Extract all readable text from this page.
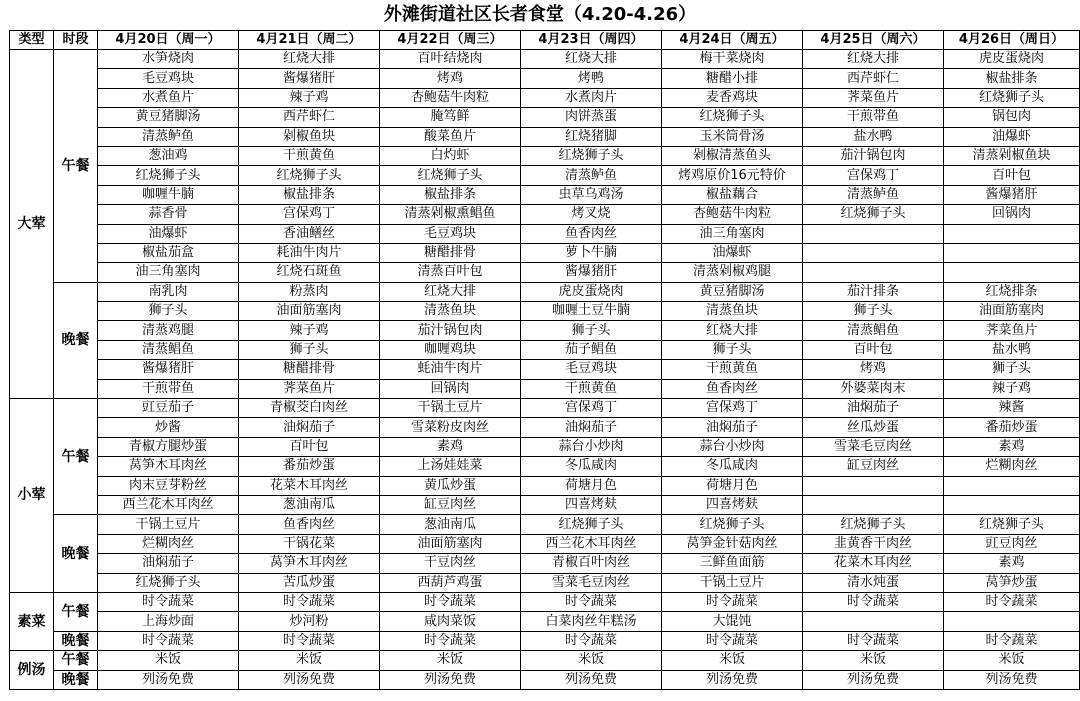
外滩街道社区长者食堂（4.20-4.26）
类型	时段	4月20日（周一）	4月21日（周二）	4月22日（周三）	4月23日（周四）	4月24日（周五）	4月25日（周六）	4月26日（周日）
大荤	午餐	水笋烧肉	红烧大排	百叶结烧肉	红烧大排	梅干菜烧肉	红烧大排	虎皮蛋烧肉
		毛豆鸡块	酱爆猪肝	烤鸡	烤鸭	糖醋小排	西芹虾仁	椒盐排条
		水煮鱼片	辣子鸡	杏鲍菇牛肉粒	水煮肉片	麦香鸡块	荠菜鱼片	红烧狮子头
		黄豆猪脚汤	西芹虾仁	腌笃鲜	肉饼蒸蛋	红烧狮子头	干煎带鱼	锅包肉
		清蒸鲈鱼	剁椒鱼块	酸菜鱼片	红烧猪脚	玉米筒骨汤	盐水鸭	油爆虾
		葱油鸡	干煎黄鱼	白灼虾	红烧狮子头	剁椒清蒸鱼头	茄汁锅包肉	清蒸剁椒鱼块
		红烧狮子头	红烧狮子头	红烧狮子头	清蒸鲈鱼	烤鸡原价16元特价	宫保鸡丁	百叶包
		咖喱牛腩	椒盐排条	椒盐排条	虫草乌鸡汤	椒盐藕合	清蒸鲈鱼	酱爆猪肝
		蒜香骨	宫保鸡丁	清蒸剁椒熏鲳鱼	烤叉烧	杏鲍菇牛肉粒	红烧狮子头	回锅肉
		油爆虾	香油鳝丝	毛豆鸡块	鱼香肉丝	油三角塞肉		
		椒盐茄盒	耗油牛肉片	糖醋排骨	萝卜牛腩	油爆虾		
		油三角塞肉	红烧石斑鱼	清蒸百叶包	酱爆猪肝	清蒸剁椒鸡腿		
	晚餐	南乳肉	粉蒸肉	红烧大排	虎皮蛋烧肉	黄豆猪脚汤	茄汁排条	红烧排条
		狮子头	油面筋塞肉	清蒸鱼块	咖喱土豆牛腩	清蒸鱼块	狮子头	油面筋塞肉
		清蒸鸡腿	辣子鸡	茄汁锅包肉	狮子头	红烧大排	清蒸鲳鱼	荠菜鱼片
		清蒸鲳鱼	狮子头	咖喱鸡块	茄子鲳鱼	狮子头	百叶包	盐水鸭
		酱爆猪肝	糖醋排骨	蚝油牛肉片	毛豆鸡块	干煎黄鱼	烤鸡	狮子头
		干煎带鱼	荠菜鱼片	回锅肉	干煎黄鱼	鱼香肉丝	外婆菜肉末	辣子鸡
小荤	午餐	豇豆茄子	青椒茭白肉丝	干锅土豆片	宫保鸡丁	宫保鸡丁	油焖茄子	辣酱
		炒酱	油焖茄子	雪菜粉皮肉丝	油焖茄子	油焖茄子	丝瓜炒蛋	番茄炒蛋
		青椒方腿炒蛋	百叶包	素鸡	蒜台小炒肉	蒜台小炒肉	雪菜毛豆肉丝	素鸡
		莴笋木耳肉丝	番茄炒蛋	上汤娃娃菜	冬瓜咸肉	冬瓜咸肉	缸豆肉丝	烂糊肉丝
		肉末豆芽粉丝	花菜木耳肉丝	黄瓜炒蛋	荷塘月色	荷塘月色		
		西兰花木耳肉丝	葱油南瓜	缸豆肉丝	四喜烤麸	四喜烤麸		
	晚餐	干锅土豆片	鱼香肉丝	葱油南瓜	红烧狮子头	红烧狮子头	红烧狮子头	红烧狮子头
		烂糊肉丝	干锅花菜	油面筋塞肉	西兰花木耳肉丝	莴笋金针菇肉丝	韭黄香干肉丝	豇豆肉丝
		油焖茄子	莴笋木耳肉丝	干豆肉丝	青椒百叶肉丝	三鲜鱼面筋	花菜木耳肉丝	素鸡
		红烧狮子头	苦瓜炒蛋	西葫芦鸡蛋	雪菜毛豆肉丝	干锅土豆片	清水炖蛋	莴笋炒蛋
素菜	午餐	时令蔬菜	时令蔬菜	时令蔬菜	时令蔬菜	时令蔬菜	时令蔬菜	时令蔬菜
		上海炒面	炒河粉	咸肉菜饭	白菜肉丝年糕汤	大馄饨		
	晚餐	时令蔬菜	时令蔬菜	时令蔬菜	时令蔬菜	时令蔬菜	时令蔬菜	时令蔬菜
例汤	午餐	米饭	米饭	米饭	米饭	米饭	米饭	米饭
	晚餐	列汤免费	列汤免费	列汤免费	列汤免费	列汤免费	列汤免费	列汤免费
